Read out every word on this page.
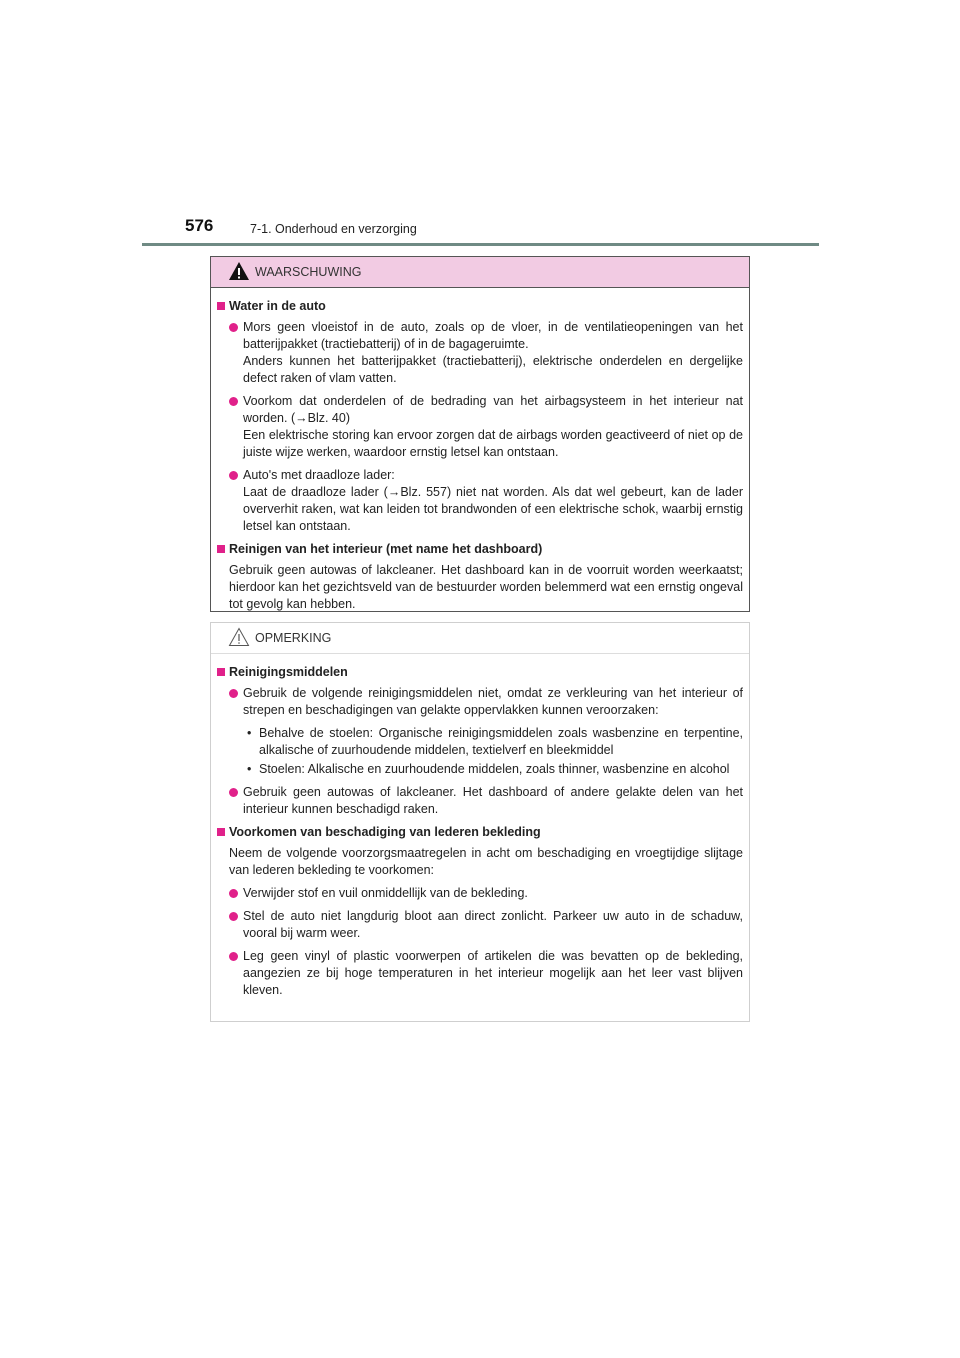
576	7-1. Onderhoud en verzorging
WAARSCHUWING
Water in de auto
Mors geen vloeistof in de auto, zoals op de vloer, in de ventilatieopeningen van het batterijpakket (tractiebatterij) of in de bagageruimte.
Anders kunnen het batterijpakket (tractiebatterij), elektrische onderdelen en dergelijke defect raken of vlam vatten.
Voorkom dat onderdelen of de bedrading van het airbagsysteem in het interieur nat worden. (→Blz. 40)
Een elektrische storing kan ervoor zorgen dat de airbags worden geactiveerd of niet op de juiste wijze werken, waardoor ernstig letsel kan ontstaan.
Auto's met draadloze lader:
Laat de draadloze lader (→Blz. 557) niet nat worden. Als dat wel gebeurt, kan de lader oververhit raken, wat kan leiden tot brandwonden of een elektrische schok, waarbij ernstig letsel kan ontstaan.
Reinigen van het interieur (met name het dashboard)
Gebruik geen autowas of lakcleaner. Het dashboard kan in de voorruit worden weerkaatst; hierdoor kan het gezichtsveld van de bestuurder worden belemmerd wat een ernstig ongeval tot gevolg kan hebben.
OPMERKING
Reinigingsmiddelen
Gebruik de volgende reinigingsmiddelen niet, omdat ze verkleuring van het interieur of strepen en beschadigingen van gelakte oppervlakken kunnen veroorzaken:
• Behalve de stoelen: Organische reinigingsmiddelen zoals wasbenzine en terpentine, alkalische of zuurhoudende middelen, textielverf en bleekmiddel
• Stoelen: Alkalische en zuurhoudende middelen, zoals thinner, wasbenzine en alcohol
Gebruik geen autowas of lakcleaner. Het dashboard of andere gelakte delen van het interieur kunnen beschadigd raken.
Voorkomen van beschadiging van lederen bekleding
Neem de volgende voorzorgsmaatregelen in acht om beschadiging en vroegtijdige slijtage van lederen bekleding te voorkomen:
Verwijder stof en vuil onmiddellijk van de bekleding.
Stel de auto niet langdurig bloot aan direct zonlicht. Parkeer uw auto in de schaduw, vooral bij warm weer.
Leg geen vinyl of plastic voorwerpen of artikelen die was bevatten op de bekleding, aangezien ze bij hoge temperaturen in het interieur mogelijk aan het leer vast blijven kleven.
